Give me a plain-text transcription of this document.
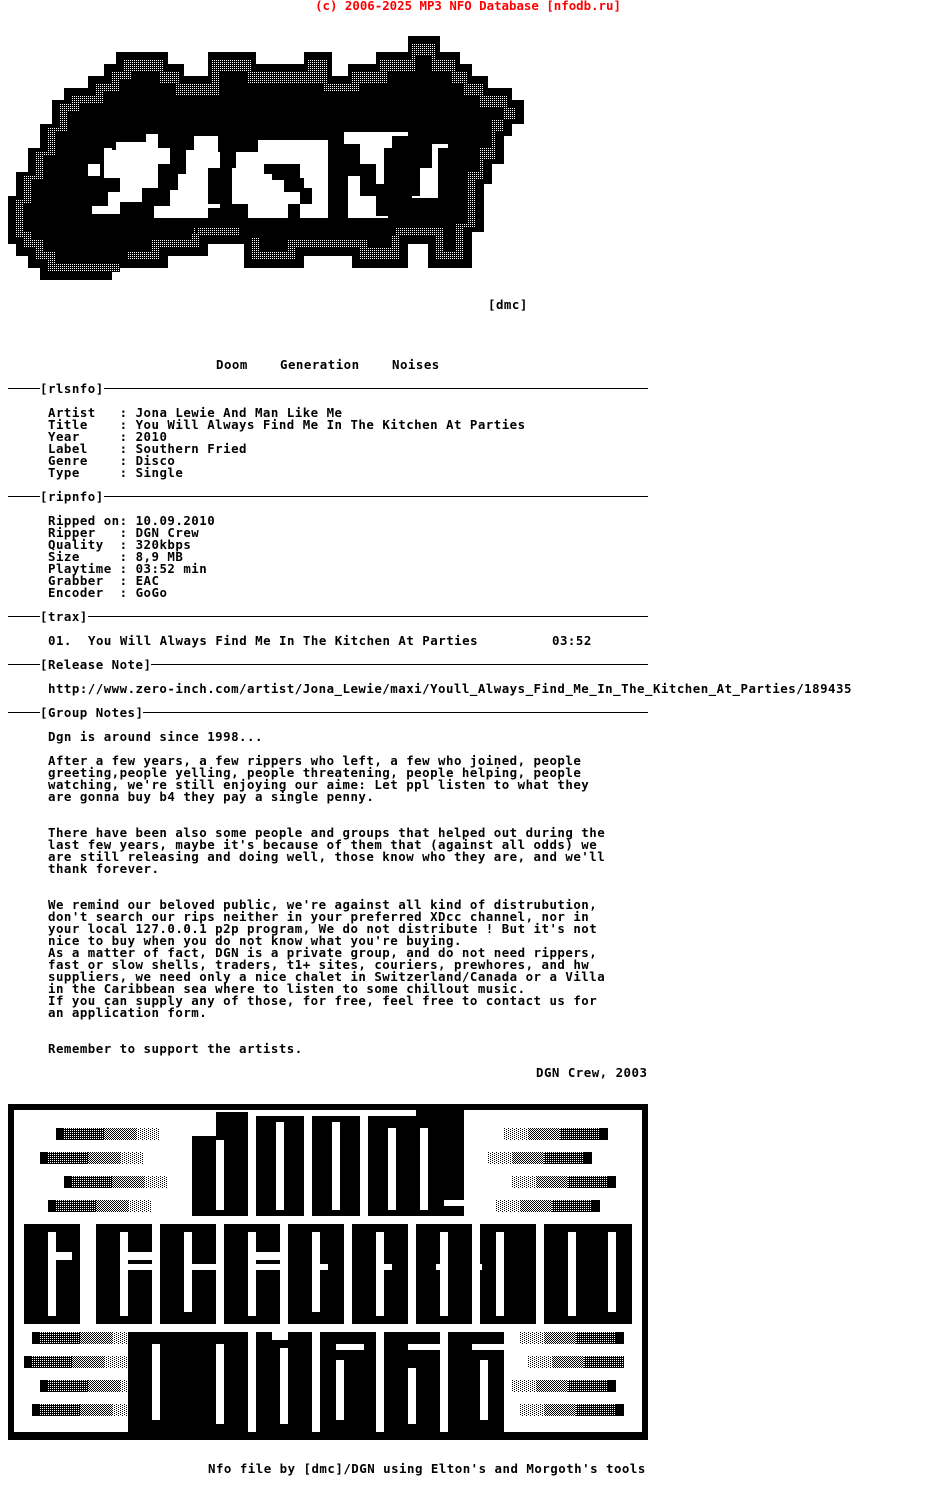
(c) 2006-2025 MP3 NFO Database [nfodb.ru]
[dmc]
Doom	Generation	Noises
[rlsnfo]
Artist   : Jona Lewie And Man Like Me
Title    : You Will Always Find Me In The Kitchen At Parties
Year     : 2010
Label    : Southern Fried
Genre    : Disco
Type     : Single
[ripnfo]
Ripped on: 10.09.2010
Ripper   : DGN Crew
Quality  : 320kbps
Size     : 8,9 MB
Playtime : 03:52 min
Grabber  : EAC
Encoder  : GoGo
[trax]
01. You Will Always Find Me In The Kitchen At Parties	03:52
[Release Note]
http://www.zero-inch.com/artist/Jona_Lewie/maxi/Youll_Always_Find_Me_In_The_Kitchen_At_Parties/189435
[Group Notes]
Dgn is around since 1998...
After a few years, a few rippers who left, a few who joined, people
greeting,people yelling, people threatening, people helping, people
watching, we're still enjoying our aime: Let ppl listen to what they
are gonna buy b4 they pay a single penny.
There have been also some people and groups that helped out during the
last few years, maybe it's because of them that (against all odds) we
are still releasing and doing well, those know who they are, and we'll
thank forever.
We remind our beloved public, we're against all kind of distrubution,
don't search our rips neither in your preferred XDcc channel, nor in
your local 127.0.0.1 p2p program, We do not distribute ! But it's not
nice to buy when you do not know what you're buying.
As a matter of fact, DGN is a private group, and do not need rippers,
fast or slow shells, traders, t1+ sites, couriers, prewhores, and hw
suppliers, we need only a nice chalet in Switzerland/Canada or a Villa
in the Caribbean sea where to listen to some chillout music.
If you can supply any of those, for free, feel free to contact us for
an application form.
Remember to support the artists.
DGN Crew, 2003
Nfo file by [dmc]/DGN using Elton's and Morgoth's tools
